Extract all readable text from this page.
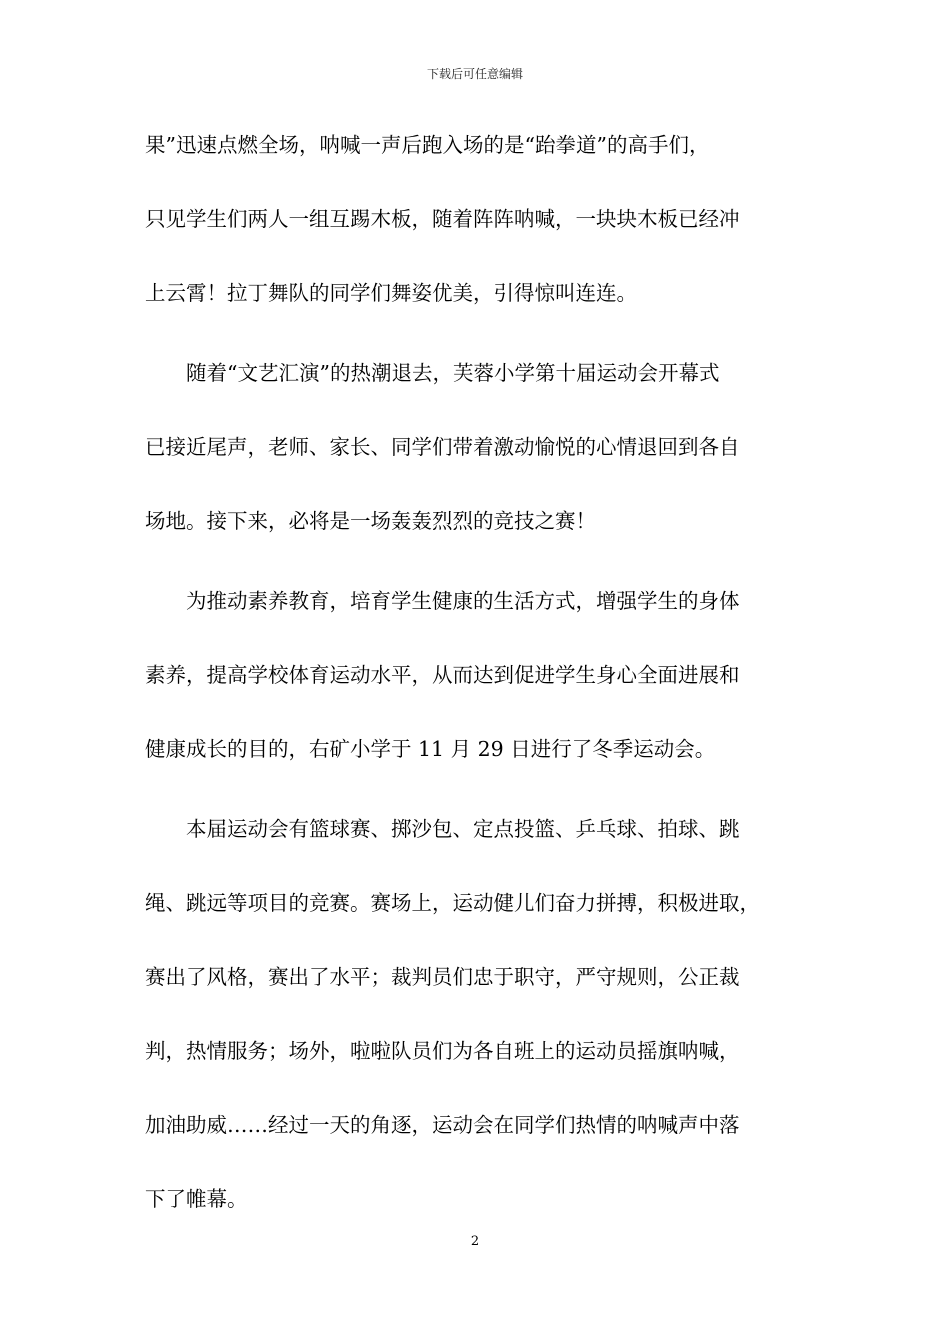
下载后可任意编辑
果”迅速点燃全场，呐喊一声后跑入场的是“跆拳道”的高手们，
只见学生们两人一组互踢木板，随着阵阵呐喊，一块块木板已经冲
上云霄！拉丁舞队的同学们舞姿优美，引得惊叫连连。
随着“文艺汇演”的热潮退去，芙蓉小学第十届运动会开幕式
已接近尾声，老师、家长、同学们带着激动愉悦的心情退回到各自
场地。接下来，必将是一场轰轰烈烈的竞技之赛！
为推动素养教育，培育学生健康的生活方式，增强学生的身体
素养，提高学校体育运动水平，从而达到促进学生身心全面进展和
健康成长的目的，右矿小学于 11 月 29 日进行了冬季运动会。
本届运动会有篮球赛、掷沙包、定点投篮、乒乓球、拍球、跳
绳、跳远等项目的竞赛。赛场上，运动健儿们奋力拼搏，积极进取，
赛出了风格，赛出了水平；裁判员们忠于职守，严守规则，公正裁
判，热情服务；场外，啦啦队员们为各自班上的运动员摇旗呐喊，
加油助威……经过一天的角逐，运动会在同学们热情的呐喊声中落
下了帷幕。
2
